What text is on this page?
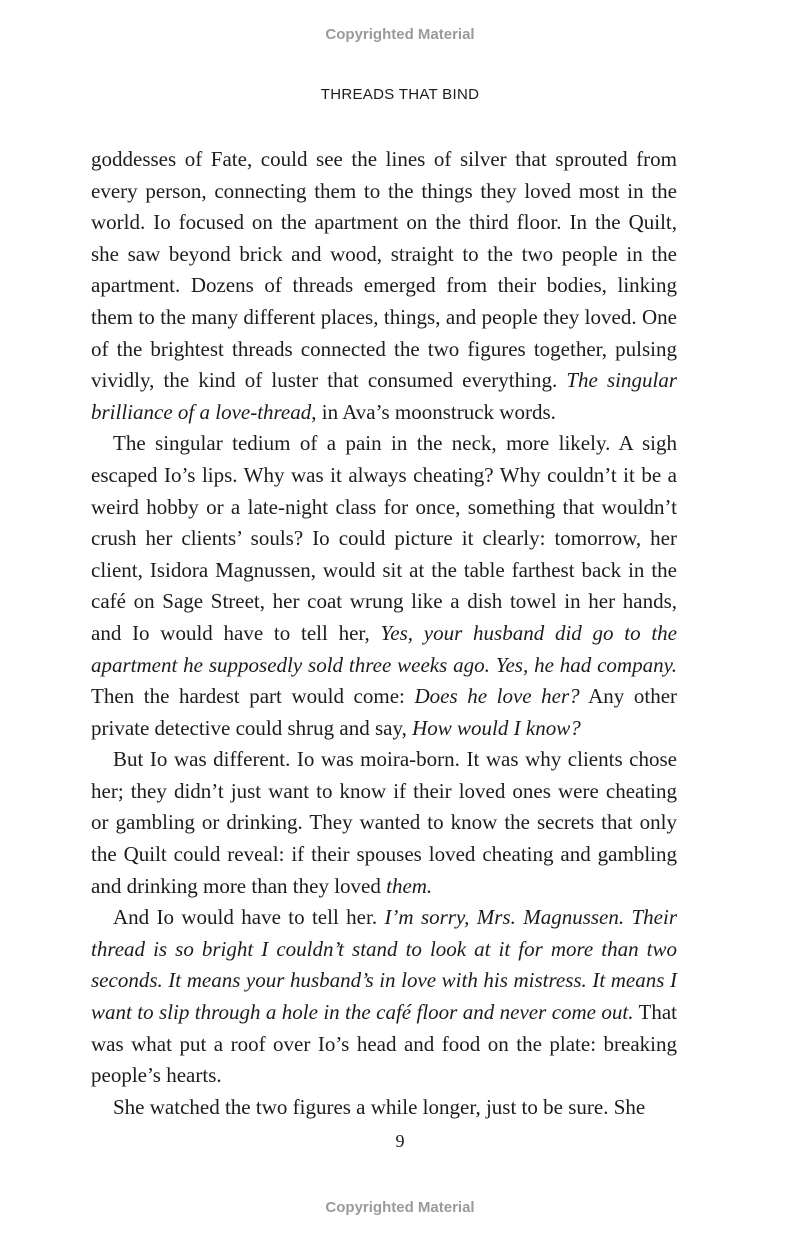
Copyrighted Material
THREADS THAT BIND

goddesses of Fate, could see the lines of silver that sprouted from every person, connecting them to the things they loved most in the world. Io focused on the apartment on the third floor. In the Quilt, she saw beyond brick and wood, straight to the two people in the apartment. Dozens of threads emerged from their bodies, linking them to the many different places, things, and people they loved. One of the brightest threads connected the two figures together, pulsing vividly, the kind of luster that consumed everything. The singular brilliance of a love-thread, in Ava’s moonstruck words.

The singular tedium of a pain in the neck, more likely. A sigh escaped Io’s lips. Why was it always cheating? Why couldn’t it be a weird hobby or a late-night class for once, something that wouldn’t crush her clients’ souls? Io could picture it clearly: tomorrow, her client, Isidora Magnussen, would sit at the table farthest back in the café on Sage Street, her coat wrung like a dish towel in her hands, and Io would have to tell her, Yes, your husband did go to the apartment he supposedly sold three weeks ago. Yes, he had company. Then the hardest part would come: Does he love her? Any other private detective could shrug and say, How would I know?

But Io was different. Io was moira-born. It was why clients chose her; they didn’t just want to know if their loved ones were cheating or gambling or drinking. They wanted to know the secrets that only the Quilt could reveal: if their spouses loved cheating and gambling and drinking more than they loved them.

And Io would have to tell her. I’m sorry, Mrs. Magnussen. Their thread is so bright I couldn’t stand to look at it for more than two seconds. It means your husband’s in love with his mistress. It means I want to slip through a hole in the café floor and never come out. That was what put a roof over Io’s head and food on the plate: breaking people’s hearts.

She watched the two figures a while longer, just to be sure. She

9
Copyrighted Material
